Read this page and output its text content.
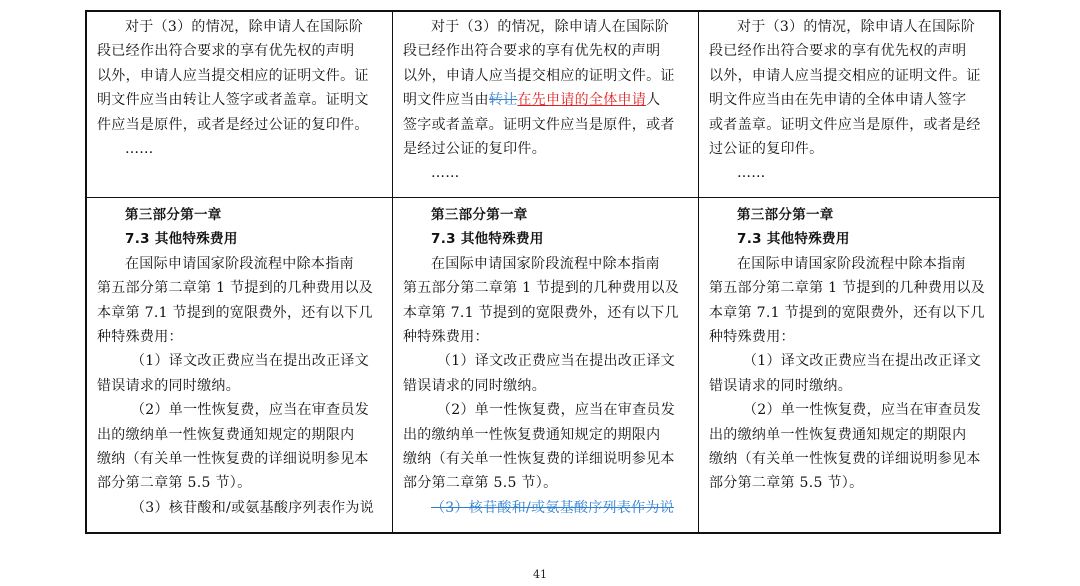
对于（3）的情况，除申请人在国际阶
段已经作出符合要求的享有优先权的声明
以外，申请人应当提交相应的证明文件。证
明文件应当由转让人签字或者盖章。证明文
件应当是原件，或者是经过公证的复印件。
……
对于（3）的情况，除申请人在国际阶
段已经作出符合要求的享有优先权的声明
以外，申请人应当提交相应的证明文件。证
明文件应当由转让在先申请的全体申请人
签字或者盖章。证明文件应当是原件，或者
是经过公证的复印件。
……
对于（3）的情况，除申请人在国际阶
段已经作出符合要求的享有优先权的声明
以外，申请人应当提交相应的证明文件。证
明文件应当由在先申请的全体申请人签字
或者盖章。证明文件应当是原件，或者是经
过公证的复印件。
……
第三部分第一章
7.3 其他特殊费用
在国际申请国家阶段流程中除本指南
第五部分第二章第 1 节提到的几种费用以及
本章第 7.1 节提到的宽限费外，还有以下几
种特殊费用：
（1）译文改正费应当在提出改正译文
错误请求的同时缴纳。
（2）单一性恢复费，应当在审查员发
出的缴纳单一性恢复费通知规定的期限内
缴纳（有关单一性恢复费的详细说明参见本
部分第二章第 5.5 节）。
（3）核苷酸和/或氨基酸序列表作为说
第三部分第一章
7.3 其他特殊费用
在国际申请国家阶段流程中除本指南
第五部分第二章第 1 节提到的几种费用以及
本章第 7.1 节提到的宽限费外，还有以下几
种特殊费用：
（1）译文改正费应当在提出改正译文
错误请求的同时缴纳。
（2）单一性恢复费，应当在审查员发
出的缴纳单一性恢复费通知规定的期限内
缴纳（有关单一性恢复费的详细说明参见本
部分第二章第 5.5 节）。
（3）核苷酸和/或氨基酸序列表作为说
第三部分第一章
7.3 其他特殊费用
在国际申请国家阶段流程中除本指南
第五部分第二章第 1 节提到的几种费用以及
本章第 7.1 节提到的宽限费外，还有以下几
种特殊费用：
（1）译文改正费应当在提出改正译文
错误请求的同时缴纳。
（2）单一性恢复费，应当在审查员发
出的缴纳单一性恢复费通知规定的期限内
缴纳（有关单一性恢复费的详细说明参见本
部分第二章第 5.5 节）。
41
